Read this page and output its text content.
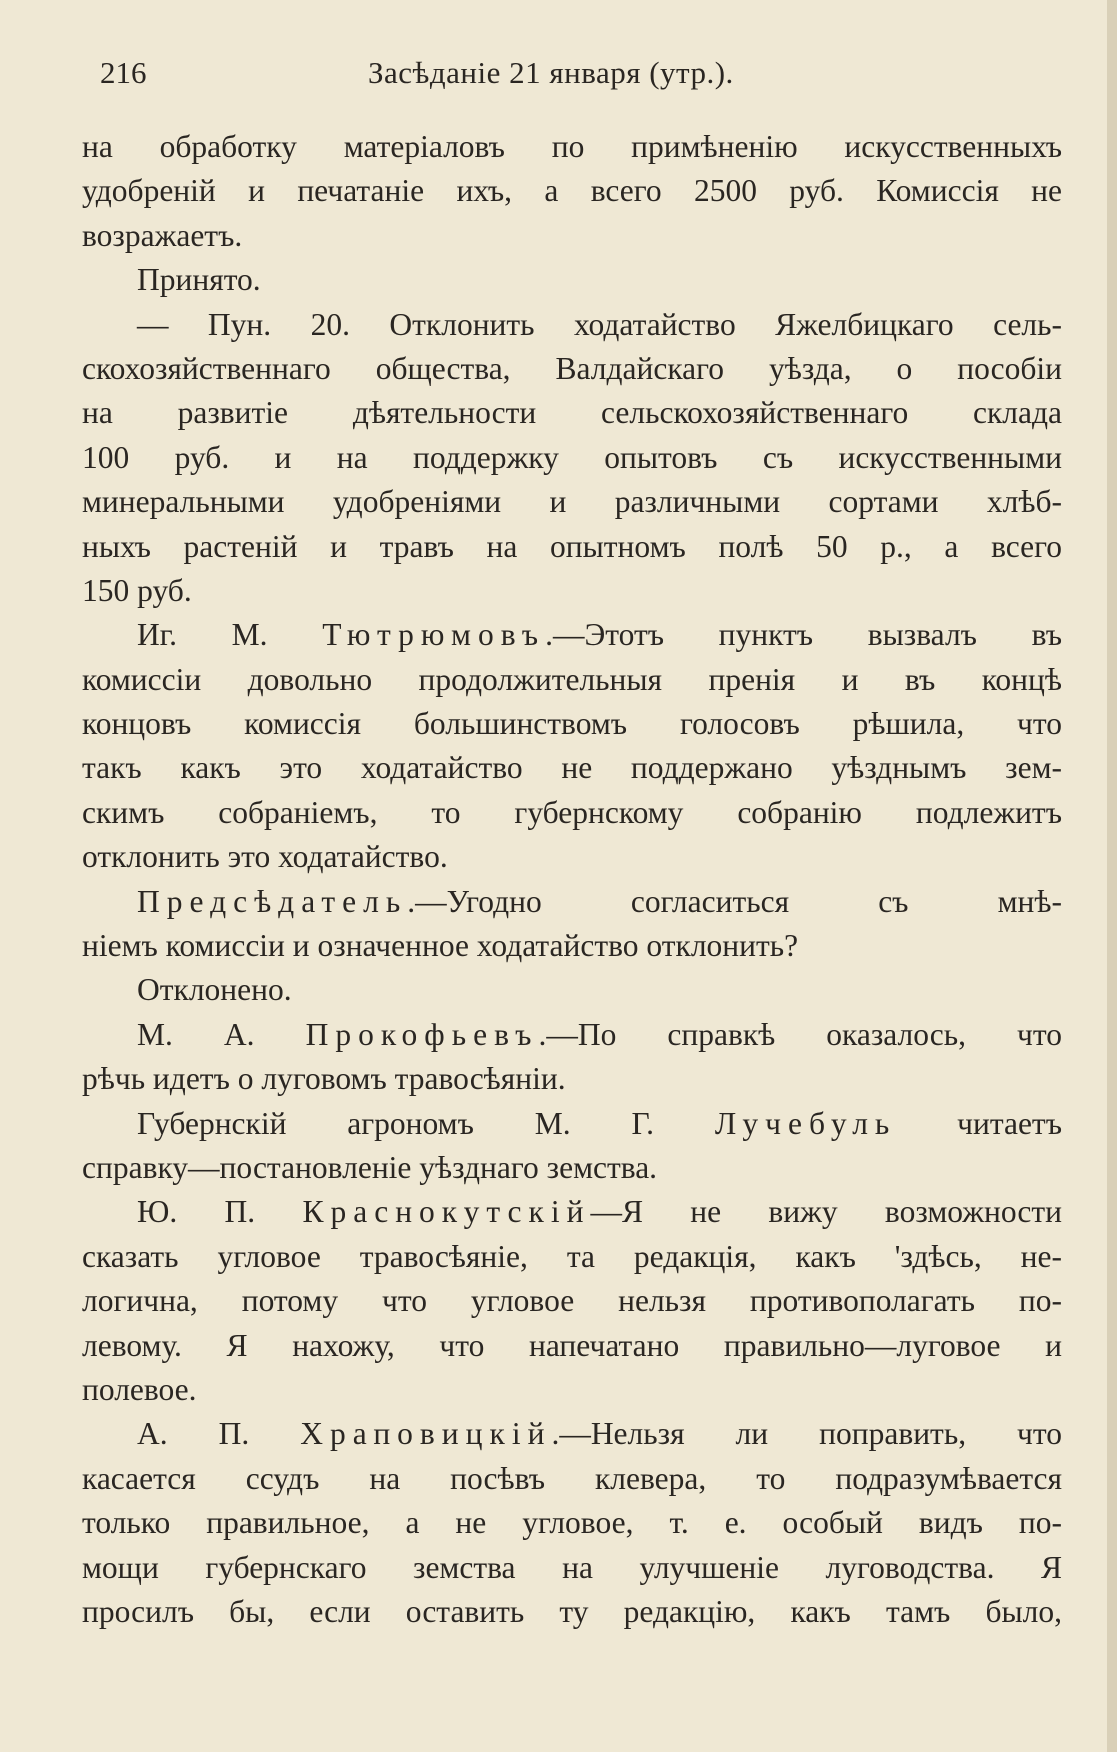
216	Засѣданіе 21 января (утр.).
на обработку матеріаловъ по примѣненію искусственныхъ
удобреній и печатаніе ихъ, а всего 2500 руб. Комиссія не
возражаетъ.
Принято.
— Пун. 20. Отклонить ходатайство Яжелбицкаго сель-
скохозяйственнаго общества, Валдайскаго уѣзда, о пособіи
на развитіе дѣятельности сельскохозяйственнаго склада
100 руб. и на поддержку опытовъ съ искусственными
минеральными удобреніями и различными сортами хлѣб-
ныхъ растеній и травъ на опытномъ полѣ 50 р., а всего
150 руб.
Иг. М. Тютрюмовъ.—Этотъ пунктъ вызвалъ въ
комиссіи довольно продолжительныя пренія и въ концѣ
концовъ комиссія большинствомъ голосовъ рѣшила, что
такъ какъ это ходатайство не поддержано уѣзднымъ зем-
скимъ собраніемъ, то губернскому собранію подлежитъ
отклонить это ходатайство.
Предсѣдатель.—Угодно согласиться съ мнѣ-
ніемъ комиссіи и означенное ходатайство отклонить?
Отклонено.
М. А. Прокофьевъ.—По справкѣ оказалось, что
рѣчь идетъ о луговомъ травосѣяніи.
Губернскій агрономъ М. Г. Лучебуль читаетъ
справку—постановленіе уѣзднаго земства.
Ю. П. Краснокутскій—Я не вижу возможности
сказать угловое травосѣяніе, та редакція, какъ 'здѣсь, не-
логична, потому что угловое нельзя противополагать по-
левому. Я нахожу, что напечатано правильно—луговое и
полевое.
А. П. Храповицкій.—Нельзя ли поправить, что
касается ссудъ на посѣвъ клевера, то подразумѣвается
только правильное, а не угловое, т. е. особый видъ по-
мощи губернскаго земства на улучшеніе луговодства. Я
просилъ бы, если оставить ту редакцію, какъ тамъ было,
